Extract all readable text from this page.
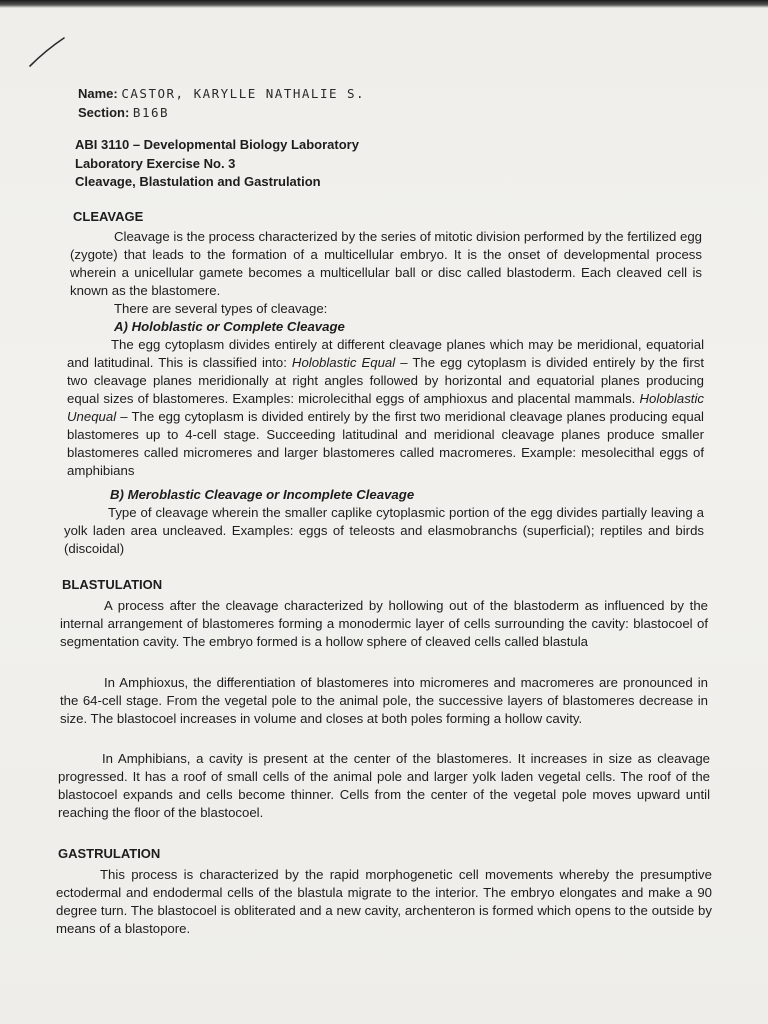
Name: CASTOR, KARYLLE NATHALIE S.
Section: B16B
ABI 3110 – Developmental Biology Laboratory
Laboratory Exercise No. 3
Cleavage, Blastulation and Gastrulation
CLEAVAGE
Cleavage is the process characterized by the series of mitotic division performed by the fertilized egg (zygote) that leads to the formation of a multicellular embryo. It is the onset of developmental process wherein a unicellular gamete becomes a multicellular ball or disc called blastoderm. Each cleaved cell is known as the blastomere.
There are several types of cleavage:
A) Holoblastic or Complete Cleavage
The egg cytoplasm divides entirely at different cleavage planes which may be meridional, equatorial and latitudinal. This is classified into: Holoblastic Equal – The egg cytoplasm is divided entirely by the first two cleavage planes meridionally at right angles followed by horizontal and equatorial planes producing equal sizes of blastomeres. Examples: microlecithal eggs of amphioxus and placental mammals. Holoblastic Unequal – The egg cytoplasm is divided entirely by the first two meridional cleavage planes producing equal blastomeres up to 4-cell stage. Succeeding latitudinal and meridional cleavage planes produce smaller blastomeres called micromeres and larger blastomeres called macromeres. Example: mesolecithal eggs of amphibians
B) Meroblastic Cleavage or Incomplete Cleavage
Type of cleavage wherein the smaller caplike cytoplasmic portion of the egg divides partially leaving a yolk laden area uncleaved. Examples: eggs of teleosts and elasmobranchs (superficial); reptiles and birds (discoidal)
BLASTULATION
A process after the cleavage characterized by hollowing out of the blastoderm as influenced by the internal arrangement of blastomeres forming a monodermic layer of cells surrounding the cavity: blastocoel of segmentation cavity. The embryo formed is a hollow sphere of cleaved cells called blastula
In Amphioxus, the differentiation of blastomeres into micromeres and macromeres are pronounced in the 64-cell stage. From the vegetal pole to the animal pole, the successive layers of blastomeres decrease in size. The blastocoel increases in volume and closes at both poles forming a hollow cavity.
In Amphibians, a cavity is present at the center of the blastomeres. It increases in size as cleavage progressed. It has a roof of small cells of the animal pole and larger yolk laden vegetal cells. The roof of the blastocoel expands and cells become thinner. Cells from the center of the vegetal pole moves upward until reaching the floor of the blastocoel.
GASTRULATION
This process is characterized by the rapid morphogenetic cell movements whereby the presumptive ectodermal and endodermal cells of the blastula migrate to the interior. The embryo elongates and make a 90 degree turn. The blastocoel is obliterated and a new cavity, archenteron is formed which opens to the outside by means of a blastopore.
